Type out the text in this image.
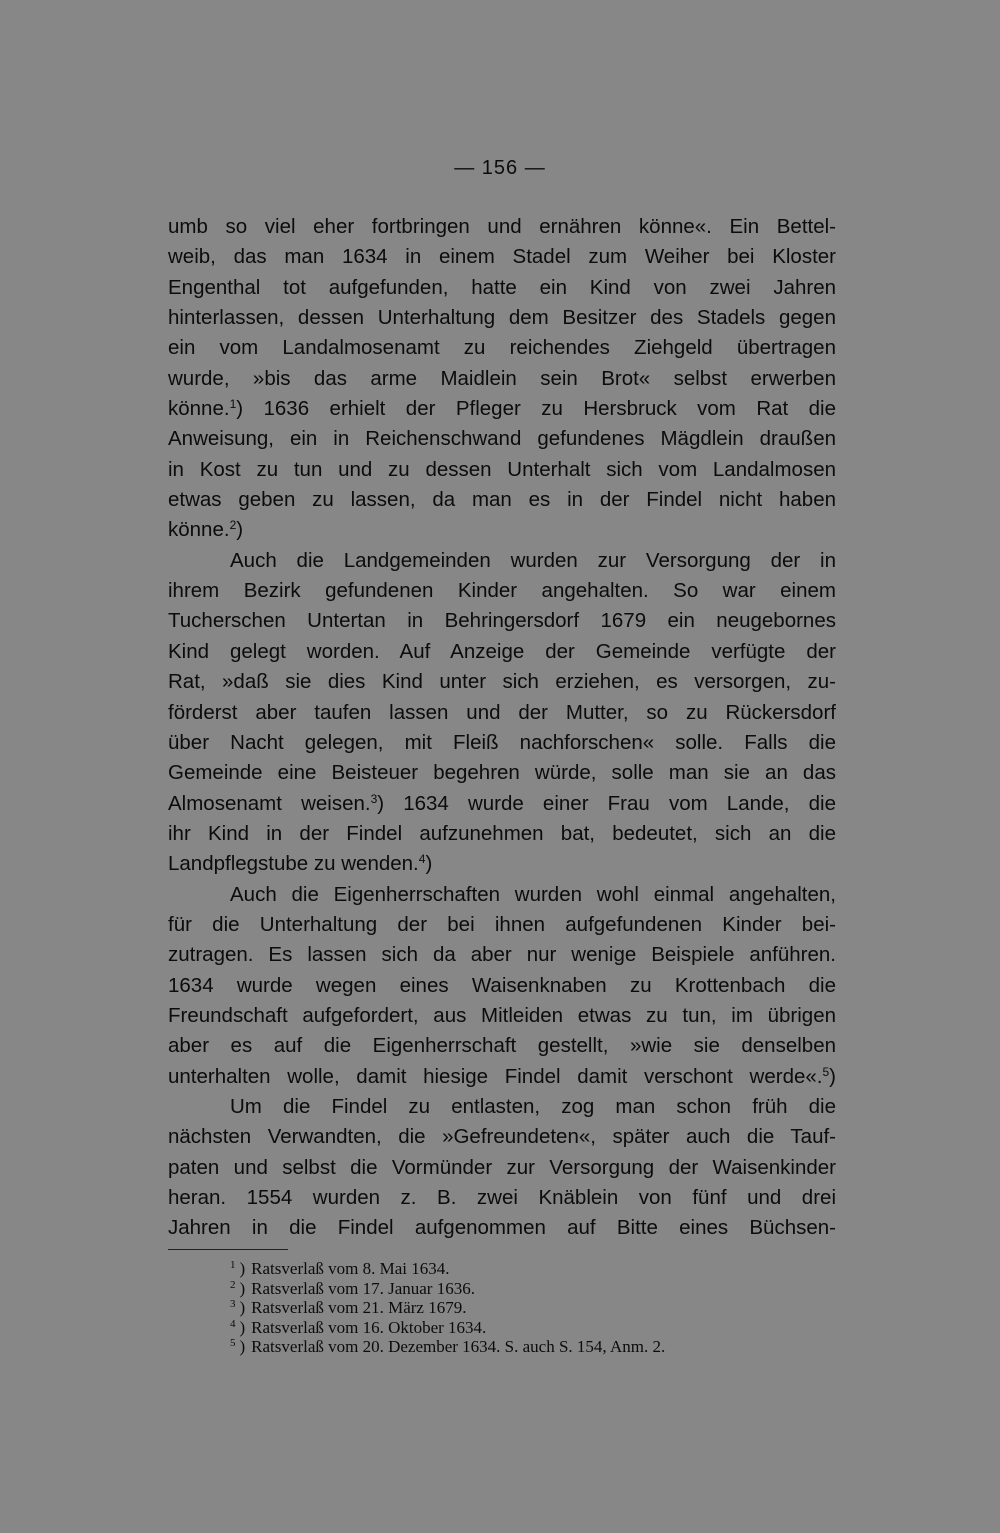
— 156 —
umb so viel eher fortbringen und ernähren könne«. Ein Bettel-
weib, das man 1634 in einem Stadel zum Weiher bei Kloster
Engenthal tot aufgefunden, hatte ein Kind von zwei Jahren
hinterlassen, dessen Unterhaltung dem Besitzer des Stadels gegen
ein vom Landalmosenamt zu reichendes Ziehgeld übertragen
wurde, »bis das arme Maidlein sein Brot« selbst erwerben
könne.$^1$) 1636 erhielt der Pfleger zu Hersbruck vom Rat die
Anweisung, ein in Reichenschwand gefundenes Mägdlein draußen
in Kost zu tun und zu dessen Unterhalt sich vom Landalmosen
etwas geben zu lassen, da man es in der Findel nicht haben
könne.$^2$)
Auch die Landgemeinden wurden zur Versorgung der in
ihrem Bezirk gefundenen Kinder angehalten. So war einem
Tucherschen Untertan in Behringersdorf 1679 ein neugebornes
Kind gelegt worden. Auf Anzeige der Gemeinde verfügte der
Rat, »daß sie dies Kind unter sich erziehen, es versorgen, zu-
förderst aber taufen lassen und der Mutter, so zu Rückersdorf
über Nacht gelegen, mit Fleiß nachforschen« solle. Falls die
Gemeinde eine Beisteuer begehren würde, solle man sie an das
Almosenamt weisen.$^3$) 1634 wurde einer Frau vom Lande, die
ihr Kind in der Findel aufzunehmen bat, bedeutet, sich an die
Landpflegstube zu wenden.$^4$)
Auch die Eigenherrschaften wurden wohl einmal angehalten,
für die Unterhaltung der bei ihnen aufgefundenen Kinder bei-
zutragen. Es lassen sich da aber nur wenige Beispiele anführen.
1634 wurde wegen eines Waisenknaben zu Krottenbach die
Freundschaft aufgefordert, aus Mitleiden etwas zu tun, im übrigen
aber es auf die Eigenherrschaft gestellt, »wie sie denselben
unterhalten wolle, damit hiesige Findel damit verschont werde«.$^5$)
Um die Findel zu entlasten, zog man schon früh die
nächsten Verwandten, die »Gefreundeten«, später auch die Tauf-
paten und selbst die Vormünder zur Versorgung der Waisenkinder
heran. 1554 wurden z. B. zwei Knäblein von fünf und drei
Jahren in die Findel aufgenommen auf Bitte eines Büchsen-
$^1$ ) Ratsverlaß vom 8. Mai 1634.
$^2$ ) Ratsverlaß vom 17. Januar 1636.
$^3$ ) Ratsverlaß vom 21. März 1679.
$^4$ ) Ratsverlaß vom 16. Oktober 1634.
$^5$ ) Ratsverlaß vom 20. Dezember 1634. S. auch S. 154, Anm. 2.
